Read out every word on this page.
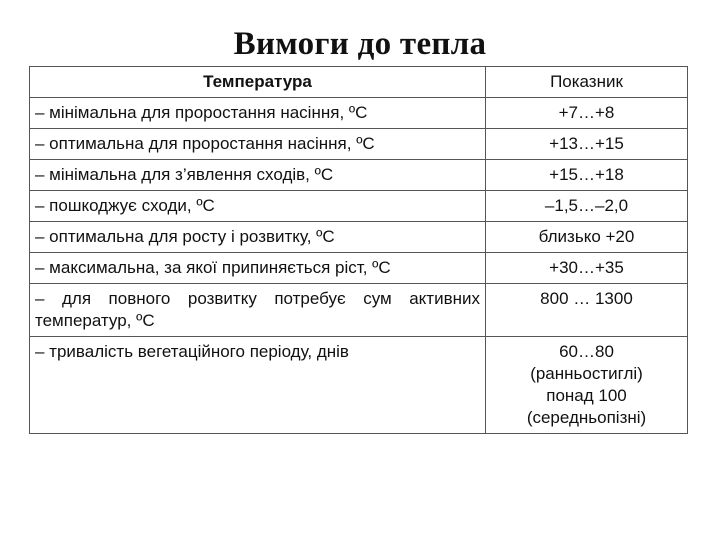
Вимоги до тепла
Температура	Показник
– мінімальна для проростання насіння, ºС	+7…+8
– оптимальна для проростання насіння, ºС	+13…+15
– мінімальна для з’явлення сходів, ºС	+15…+18
– пошкоджує сходи, ºС	–1,5…–2,0
– оптимальна для росту і розвитку, ºС	близько +20
– максимальна, за якої припиняється ріст, ºС	+30…+35
– для повного розвитку потребує сум активних температур, ºС	800 … 1300
– тривалість вегетаційного періоду, днів	60…80
(ранньостиглі)
понад 100
(середньопізні)
